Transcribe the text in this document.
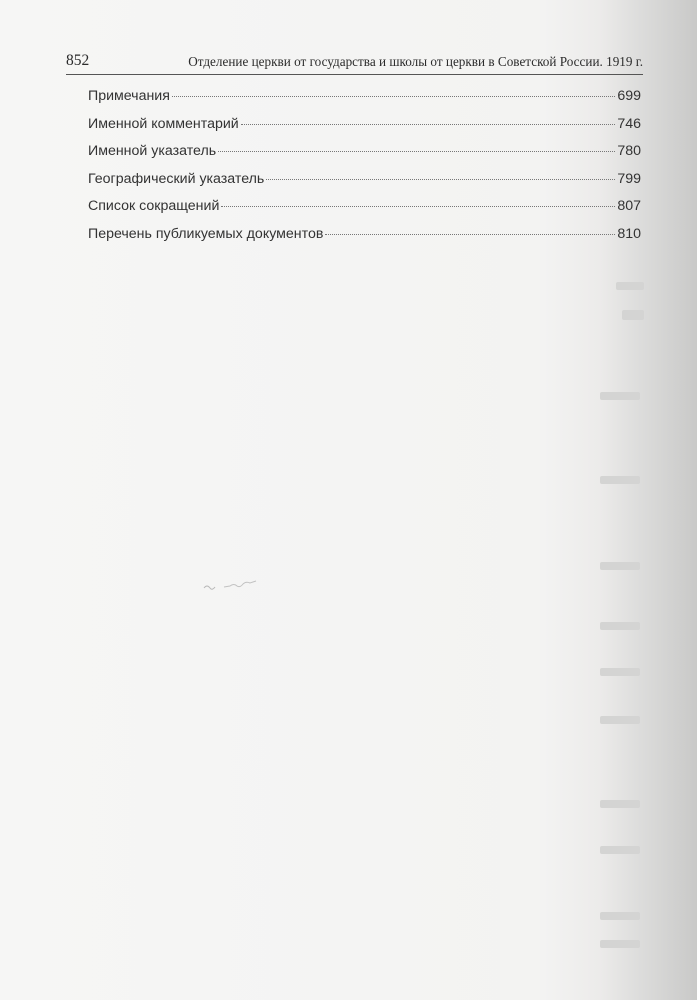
852	Отделение церкви от государства и школы от церкви в Советской России. 1919 г.
Примечания	699
Именной комментарий	746
Именной указатель	780
Географический указатель	799
Список сокращений	807
Перечень публикуемых документов	810
